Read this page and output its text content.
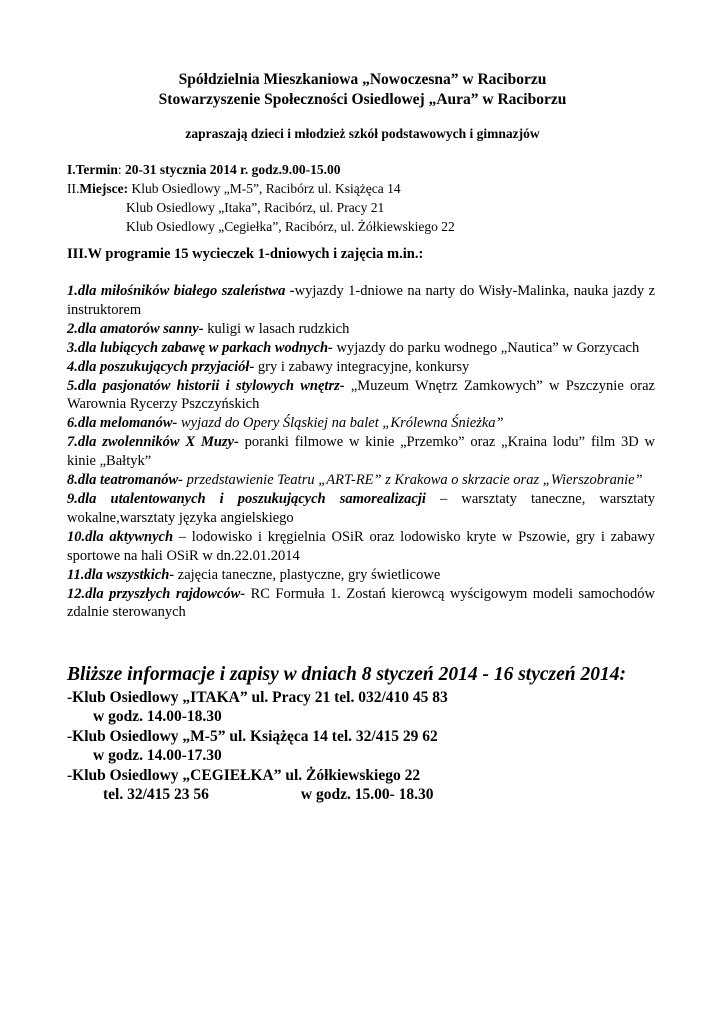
Spółdzielnia Mieszkaniowa „Nowoczesna” w Raciborzu
Stowarzyszenie Społeczności Osiedlowej „Aura” w Raciborzu
zapraszają dzieci i młodzież szkół podstawowych i gimnazjów
I.Termin: 20-31 stycznia 2014 r. godz.9.00-15.00
II.Miejsce: Klub Osiedlowy „M-5”, Racibórz ul. Książęca 14
Klub Osiedlowy „Itaka”, Racibórz, ul. Pracy 21
Klub Osiedlowy „Cegiełka”, Racibórz, ul. Żółkiewskiego 22
III.W programie 15 wycieczek 1-dniowych i zajęcia m.in.:

1.dla miłośników białego szaleństwa -wyjazdy 1-dniowe na narty do Wisły-Malinka, nauka jazdy z instruktorem

2.dla amatorów sanny- kuligi w lasach rudzkich

3.dla lubiących zabawę w parkach wodnych- wyjazdy do parku wodnego „Nautica” w Gorzycach

4.dla poszukujących przyjaciół- gry i zabawy integracyjne, konkursy

5.dla pasjonatów historii i stylowych wnętrz- „Muzeum Wnętrz Zamkowych” w Pszczynie oraz Warownia Rycerzy Pszczyńskich

6.dla melomanów- wyjazd do Opery Śląskiej na balet „Królewna Śnieżka”

7.dla zwolenników X Muzy- poranki filmowe w kinie „Przemko” oraz „Kraina lodu” film 3D w kinie „Bałtyk”

8.dla teatromanów- przedstawienie Teatru „ART-RE” z Krakowa o skrzacie oraz „Wierszobranie”

9.dla utalentowanych i poszukujących samorealizacji – warsztaty taneczne, warsztaty wokalne,warsztaty języka angielskiego

10.dla aktywnych – lodowisko i kręgielnia OSiR oraz lodowisko kryte w Pszowie, gry i zabawy sportowe na hali OSiR w dn.22.01.2014

11.dla wszystkich- zajęcia taneczne, plastyczne, gry świetlicowe

12.dla przyszłych rajdowców- RC Formuła 1. Zostań kierowcą wyścigowym modeli samochodów zdalnie sterowanych

Bliższe informacje i zapisy w dniach 8 styczeń 2014 - 16 styczeń 2014:
-Klub Osiedlowy „ITAKA” ul. Pracy 21 tel. 032/410 45 83
w godz. 14.00-18.30
-Klub Osiedlowy „M-5” ul. Książęca 14 tel. 32/415 29 62
w godz. 14.00-17.30
-Klub Osiedlowy „CEGIEŁKA” ul. Żółkiewskiego 22
tel. 32/415 23 56	w godz. 15.00- 18.30
